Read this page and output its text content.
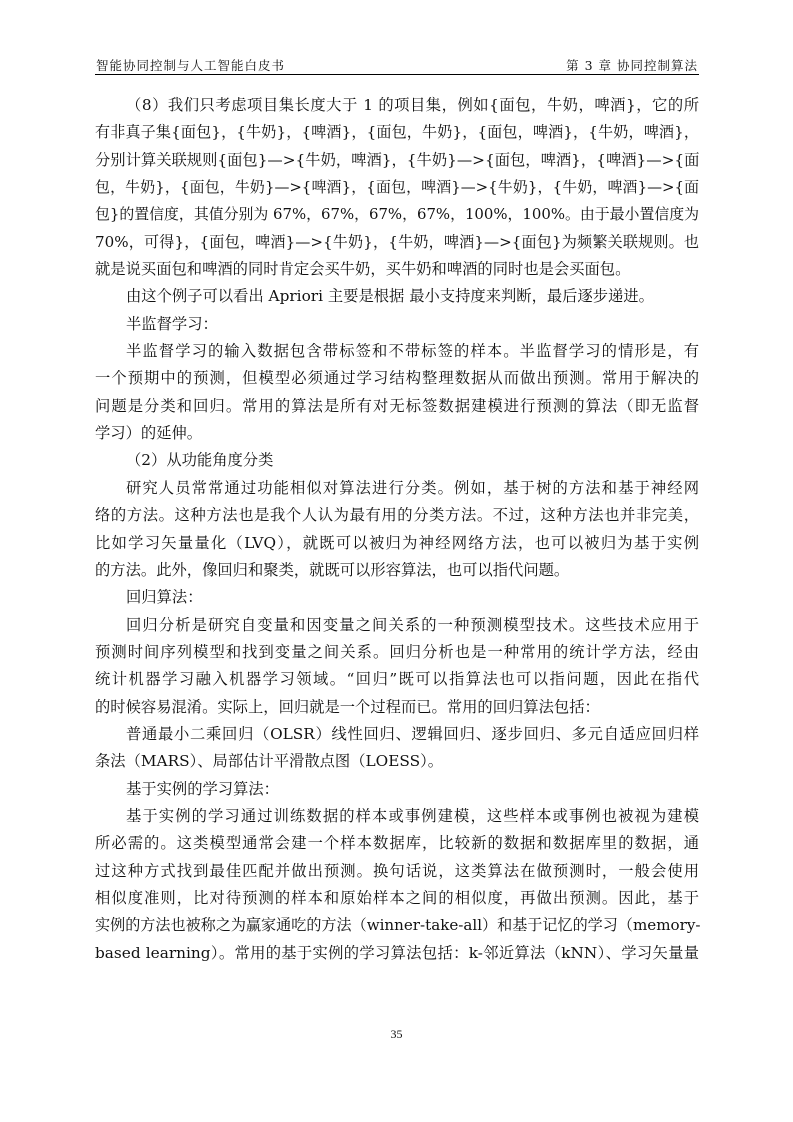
智能协同控制与人工智能白皮书	第 3 章 协同控制算法
（8）我们只考虑项目集长度大于 1 的项目集，例如{面包，牛奶，啤酒}，它的所
有非真子集{面包}，{牛奶}，{啤酒}，{面包，牛奶}，{面包，啤酒}，{牛奶，啤酒}，
分别计算关联规则{面包}—>{牛奶，啤酒}，{牛奶}—>{面包，啤酒}，{啤酒}—>{面
包，牛奶}，{面包，牛奶}—>{啤酒}，{面包，啤酒}—>{牛奶}，{牛奶，啤酒}—>{面
包}的置信度，其值分别为 67%，67%，67%，67%，100%，100%。由于最小置信度为
70%，可得}，{面包，啤酒}—>{牛奶}，{牛奶，啤酒}—>{面包}为频繁关联规则。也
就是说买面包和啤酒的同时肯定会买牛奶，买牛奶和啤酒的同时也是会买面包。
由这个例子可以看出 Apriori 主要是根据 最小支持度来判断，最后逐步递进。
半监督学习：
半监督学习的输入数据包含带标签和不带标签的样本。半监督学习的情形是，有
一个预期中的预测，但模型必须通过学习结构整理数据从而做出预测。常用于解决的
问题是分类和回归。常用的算法是所有对无标签数据建模进行预测的算法（即无监督
学习）的延伸。
（2）从功能角度分类
研究人员常常通过功能相似对算法进行分类。例如，基于树的方法和基于神经网
络的方法。这种方法也是我个人认为最有用的分类方法。不过，这种方法也并非完美，
比如学习矢量量化（LVQ），就既可以被归为神经网络方法，也可以被归为基于实例
的方法。此外，像回归和聚类，就既可以形容算法，也可以指代问题。
回归算法：
回归分析是研究自变量和因变量之间关系的一种预测模型技术。这些技术应用于
预测时间序列模型和找到变量之间关系。回归分析也是一种常用的统计学方法，经由
统计机器学习融入机器学习领域。“回归”既可以指算法也可以指问题，因此在指代
的时候容易混淆。实际上，回归就是一个过程而已。常用的回归算法包括：
普通最小二乘回归（OLSR）线性回归、逻辑回归、逐步回归、多元自适应回归样
条法（MARS）、局部估计平滑散点图（LOESS）。
基于实例的学习算法：
基于实例的学习通过训练数据的样本或事例建模，这些样本或事例也被视为建模
所必需的。这类模型通常会建一个样本数据库，比较新的数据和数据库里的数据，通
过这种方式找到最佳匹配并做出预测。换句话说，这类算法在做预测时，一般会使用
相似度准则，比对待预测的样本和原始样本之间的相似度，再做出预测。因此，基于
实例的方法也被称之为赢家通吃的方法（winner-take-all）和基于记忆的学习（memory-
based learning）。常用的基于实例的学习算法包括：k-邻近算法（kNN）、学习矢量量
35
